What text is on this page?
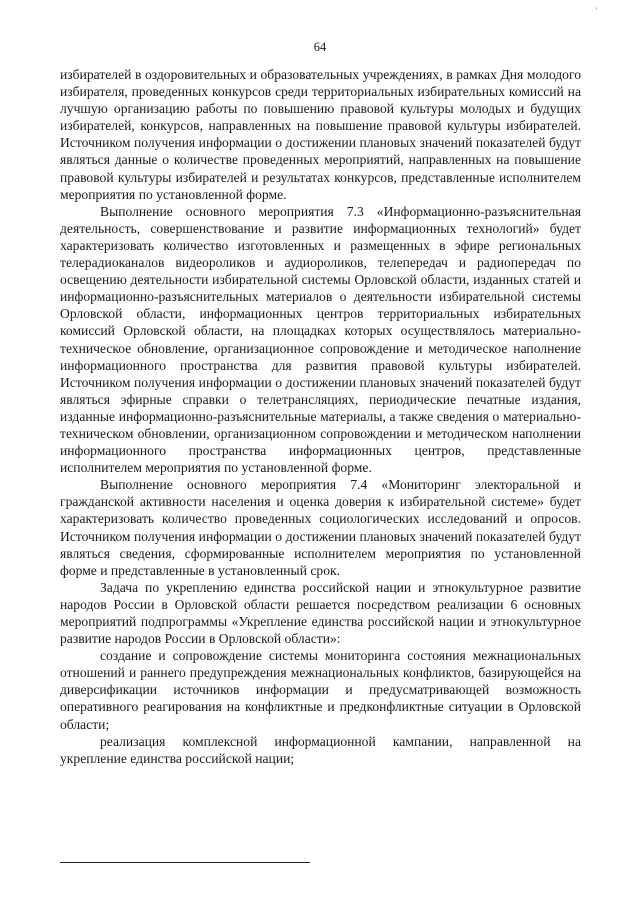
'
64

избирателей в оздоровительных и образовательных учреждениях, в рамках Дня молодого избирателя, проведенных конкурсов среди территориальных избирательных комиссий на лучшую организацию работы по повышению правовой культуры молодых и будущих избирателей, конкурсов, направленных на повышение правовой культуры избирателей. Источником получения информации о достижении плановых значений показателей будут являться данные о количестве проведенных мероприятий, направленных на повышение правовой культуры избирателей и результатах конкурсов, представленные исполнителем мероприятия по установленной форме.

Выполнение основного мероприятия 7.3 «Информационно-разъяснительная деятельность, совершенствование и развитие информационных технологий» будет характеризовать количество изготовленных и размещенных в эфире региональных телерадиоканалов видеороликов и аудиороликов, телепередач и радиопередач по освещению деятельности избирательной системы Орловской области, изданных статей и информационно-разъяснительных материалов о деятельности избирательной системы Орловской области, информационных центров территориальных избирательных комиссий Орловской области, на площадках которых осуществлялось материально-техническое обновление, организационное сопровождение и методическое наполнение информационного пространства для развития правовой культуры избирателей. Источником получения информации о достижении плановых значений показателей будут являться эфирные справки о телетрансляциях, периодические печатные издания, изданные информационно-разъяснительные материалы, а также сведения о материально-техническом обновлении, организационном сопровождении и методическом наполнении информационного пространства информационных центров, представленные исполнителем мероприятия по установленной форме.

Выполнение основного мероприятия 7.4 «Мониторинг электоральной и гражданской активности населения и оценка доверия к избирательной системе» будет характеризовать количество проведенных социологических исследований и опросов. Источником получения информации о достижении плановых значений показателей будут являться сведения, сформированные исполнителем мероприятия по установленной форме и представленные в установленный срок.

Задача по укреплению единства российской нации и этнокультурное развитие народов России в Орловской области решается посредством реализации 6 основных мероприятий подпрограммы «Укрепление единства российской нации и этнокультурное развитие народов России в Орловской области»:

создание и сопровождение системы мониторинга состояния межнациональных отношений и раннего предупреждения межнациональных конфликтов, базирующейся на диверсификации источников информации и предусматривающей возможность оперативного реагирования на конфликтные и предконфликтные ситуации в Орловской области;

реализация комплексной информационной кампании, направленной на укрепление единства российской нации;
